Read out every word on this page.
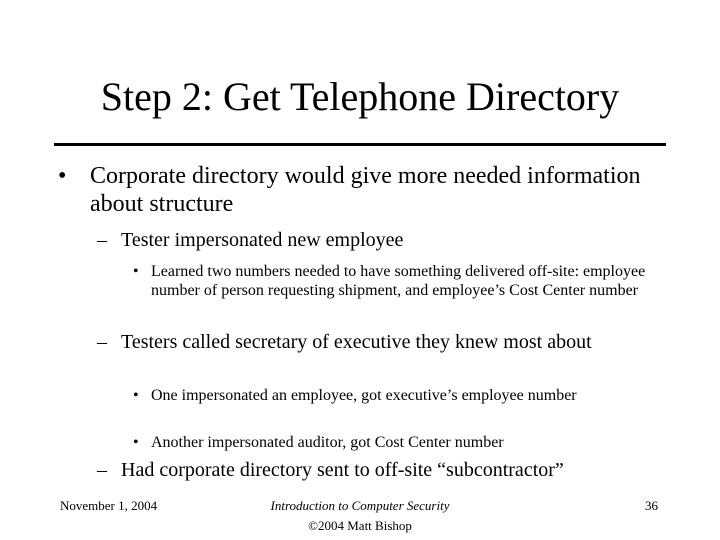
Step 2: Get Telephone Directory
• Corporate directory would give more needed information about structure
– Tester impersonated new employee
• Learned two numbers needed to have something delivered off-site: employee number of person requesting shipment, and employee’s Cost Center number
– Testers called secretary of executive they knew most about
• One impersonated an employee, got executive’s employee number
• Another impersonated auditor, got Cost Center number
– Had corporate directory sent to off-site “subcontractor”
November 1, 2004	Introduction to Computer Security
©2004 Matt Bishop
36
